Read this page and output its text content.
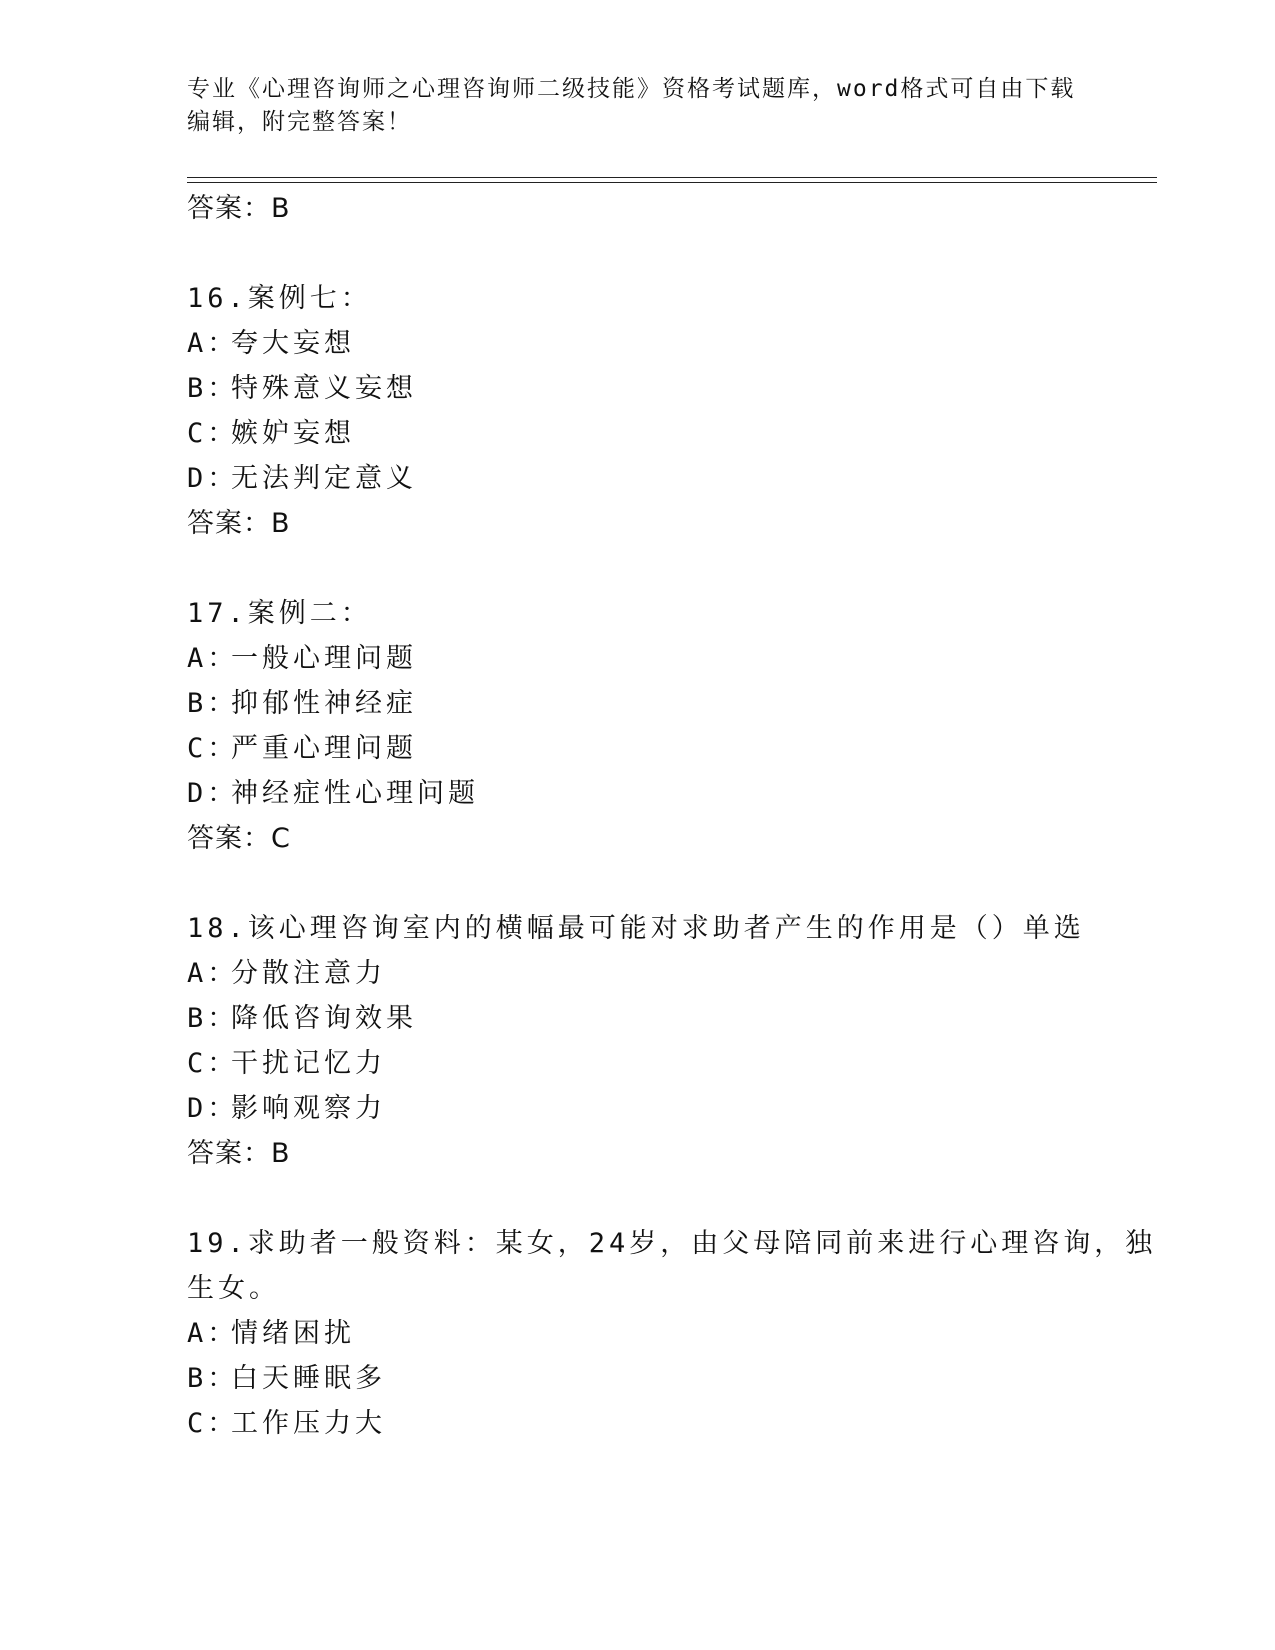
专业《心理咨询师之心理咨询师二级技能》资格考试题库，word格式可自由下载
编辑，附完整答案！
答案：B
16.案例七：
A：夸大妄想
B：特殊意义妄想
C：嫉妒妄想
D：无法判定意义
答案：B
17.案例二：
A：一般心理问题
B：抑郁性神经症
C：严重心理问题
D：神经症性心理问题
答案：C
18.该心理咨询室内的横幅最可能对求助者产生的作用是（）单选
A：分散注意力
B：降低咨询效果
C：干扰记忆力
D：影响观察力
答案：B
19.求助者一般资料：某女，24岁，由父母陪同前来进行心理咨询，独
生女。
A：情绪困扰
B：白天睡眠多
C：工作压力大
